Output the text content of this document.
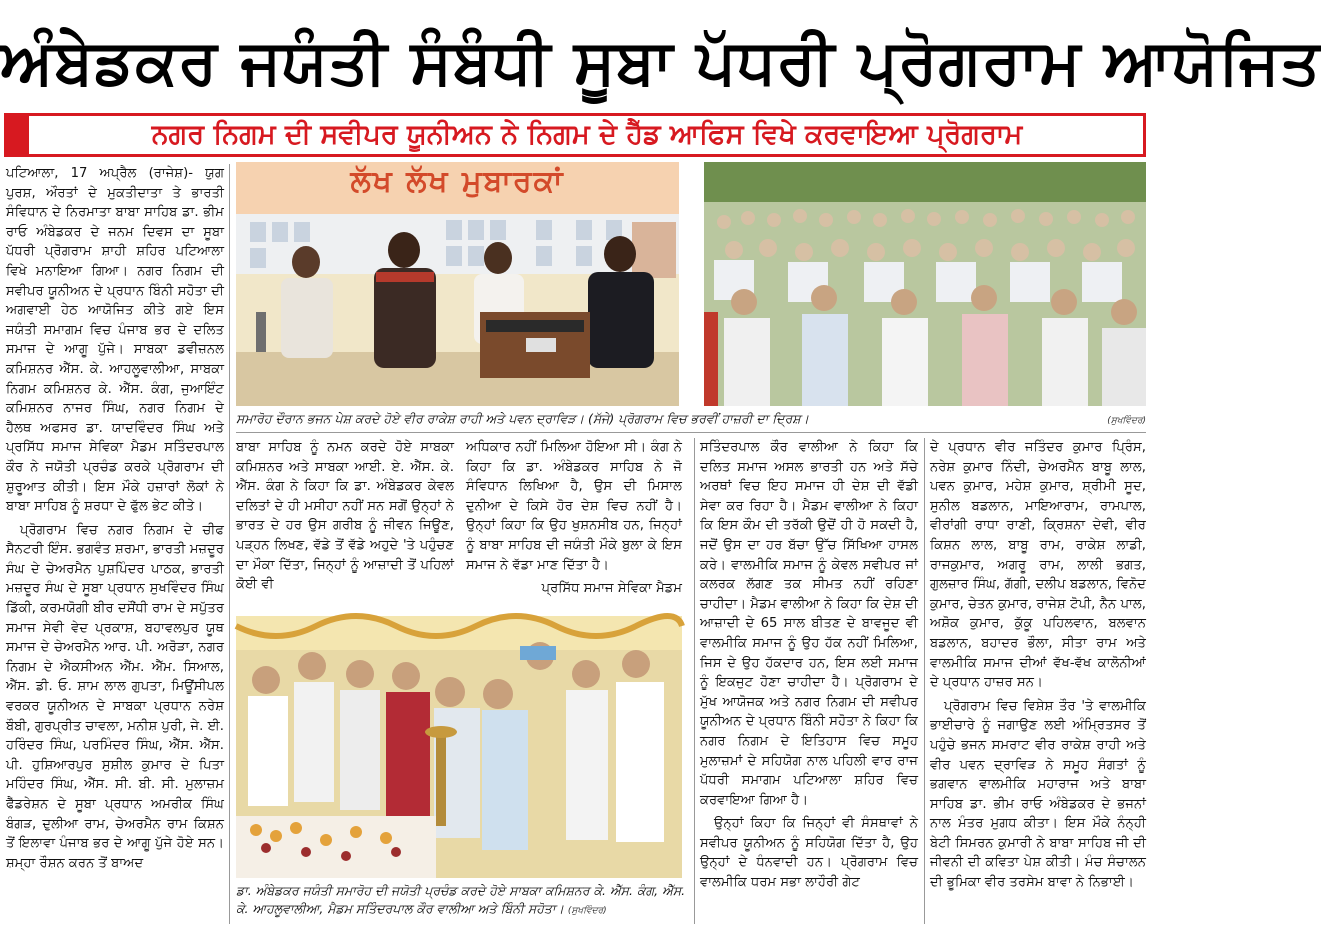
ਅੰਬੇਡਕਰ ਜਯੰਤੀ ਸੰਬੰਧੀ ਸੂਬਾ ਪੱਧਰੀ ਪ੍ਰੋਗਰਾਮ ਆਯੋਜਿਤ
ਨਗਰ ਨਿਗਮ ਦੀ ਸਵੀਪਰ ਯੂਨੀਅਨ ਨੇ ਨਿਗਮ ਦੇ ਹੈੱਡ ਆਫਿਸ ਵਿਖੇ ਕਰਵਾਇਆ ਪ੍ਰੋਗਰਾਮ

ਪਟਿਆਲਾ, 17 ਅਪ੍ਰੈਲ (ਰਾਜੇਸ਼)- ਯੁਗ ਪੁਰਸ਼, ਔਰਤਾਂ ਦੇ ਮੁਕਤੀਦਾਤਾ ਤੇ ਭਾਰਤੀ ਸੰਵਿਧਾਨ ਦੇ ਨਿਰਮਾਤਾ ਬਾਬਾ ਸਾਹਿਬ ਡਾ. ਭੀਮ ਰਾਓ ਅੰਬੇਡਕਰ ਦੇ ਜਨਮ ਦਿਵਸ ਦਾ ਸੂਬਾ ਪੱਧਰੀ ਪ੍ਰੋਗਰਾਮ ਸ਼ਾਹੀ ਸ਼ਹਿਰ ਪਟਿਆਲਾ ਵਿਖੇ ਮਨਾਇਆ ਗਿਆ। ਨਗਰ ਨਿਗਮ ਦੀ ਸਵੀਪਰ ਯੂਨੀਅਨ ਦੇ ਪ੍ਰਧਾਨ ਬਿੰਨੀ ਸਹੋਤਾ ਦੀ ਅਗਵਾਈ ਹੇਠ ਆਯੋਜਿਤ ਕੀਤੇ ਗਏ ਇਸ ਜਯੰਤੀ ਸਮਾਗਮ ਵਿਚ ਪੰਜਾਬ ਭਰ ਦੇ ਦਲਿਤ ਸਮਾਜ ਦੇ ਆਗੂ ਪੁੱਜੇ। ਸਾਬਕਾ ਡਵੀਜ਼ਨਲ ਕਮਿਸ਼ਨਰ ਐੱਸ. ਕੇ. ਆਹਲੂਵਾਲੀਆ, ਸਾਬਕਾ ਨਿਗਮ ਕਮਿਸ਼ਨਰ ਕੇ. ਐੱਸ. ਕੰਗ, ਜੁਆਇੰਟ ਕਮਿਸ਼ਨਰ ਨਾਜਰ ਸਿੰਘ, ਨਗਰ ਨਿਗਮ ਦੇ ਹੈਲਥ ਅਫਸਰ ਡਾ. ਯਾਦਵਿੰਦਰ ਸਿੰਘ ਅਤੇ ਪ੍ਰਸਿੱਧ ਸਮਾਜ ਸੇਵਿਕਾ ਮੈਡਮ ਸਤਿੰਦਰਪਾਲ ਕੌਰ ਨੇ ਜਯੋਤੀ ਪ੍ਰਚੰਡ ਕਰਕੇ ਪ੍ਰੋਗਰਾਮ ਦੀ ਸ਼ੁਰੂਆਤ ਕੀਤੀ। ਇਸ ਮੌਕੇ ਹਜ਼ਾਰਾਂ ਲੋਕਾਂ ਨੇ ਬਾਬਾ ਸਾਹਿਬ ਨੂੰ ਸ਼ਰਧਾ ਦੇ ਫੁੱਲ ਭੇਟ ਕੀਤੇ।

ਪ੍ਰੋਗਰਾਮ ਵਿਚ ਨਗਰ ਨਿਗਮ ਦੇ ਚੀਫ ਸੈਨਟਰੀ ਇੰਸ. ਭਗਵੰਤ ਸ਼ਰਮਾ, ਭਾਰਤੀ ਮਜ਼ਦੂਰ ਸੰਘ ਦੇ ਚੇਅਰਮੈਨ ਪੁਸ਼ਪਿੰਦਰ ਪਾਠਕ, ਭਾਰਤੀ ਮਜ਼ਦੂਰ ਸੰਘ ਦੇ ਸੂਬਾ ਪ੍ਰਧਾਨ ਸੁਖਵਿੰਦਰ ਸਿੰਘ ਡਿੱਕੀ, ਕਰਮਯੋਗੀ ਬੀਰ ਦਸੌਂਧੀ ਰਾਮ ਦੇ ਸਪੁੱਤਰ ਸਮਾਜ ਸੇਵੀ ਵੇਦ ਪ੍ਰਕਾਸ਼, ਬਹਾਵਲਪੁਰ ਯੂਥ ਸਮਾਜ ਦੇ ਚੇਅਰਮੈਨ ਆਰ. ਪੀ. ਅਰੋੜਾ, ਨਗਰ ਨਿਗਮ ਦੇ ਐਕਸੀਅਨ ਐੱਮ. ਐੱਮ. ਸਿਆਲ, ਐੱਸ. ਡੀ. ਓ. ਸ਼ਾਮ ਲਾਲ ਗੁਪਤਾ, ਮਿਊਂਸੀਪਲ ਵਰਕਰ ਯੂਨੀਅਨ ਦੇ ਸਾਬਕਾ ਪ੍ਰਧਾਨ ਨਰੇਸ਼ ਬੌਬੀ, ਗੁਰਪ੍ਰੀਤ ਚਾਵਲਾ, ਮਨੀਸ਼ ਪੁਰੀ, ਜੇ. ਈ. ਹਰਿੰਦਰ ਸਿੰਘ, ਪਰਮਿੰਦਰ ਸਿੰਘ, ਐੱਸ. ਐੱਸ. ਪੀ. ਹੁਸ਼ਿਆਰਪੁਰ ਸੁਸ਼ੀਲ ਕੁਮਾਰ ਦੇ ਪਿਤਾ ਮਹਿੰਦਰ ਸਿੰਘ, ਐੱਸ. ਸੀ. ਬੀ. ਸੀ. ਮੁਲਾਜ਼ਮ ਫੈੱਡਰੇਸ਼ਨ ਦੇ ਸੂਬਾ ਪ੍ਰਧਾਨ ਅਮਰੀਕ ਸਿੰਘ ਬੰਗੜ, ਦੁਲੀਆ ਰਾਮ, ਚੇਅਰਮੈਨ ਰਾਮ ਕਿਸ਼ਨ ਤੋਂ ਇਲਾਵਾ ਪੰਜਾਬ ਭਰ ਦੇ ਆਗੂ ਪੁੱਜੇ ਹੋਏ ਸਨ। ਸ਼ਮ੍ਹਾ ਰੌਸ਼ਨ ਕਰਨ ਤੋਂ ਬਾਅਦ

ਲੱਖ ਲੱਖ ਮੁਬਾਰਕਾਂ
ਸਮਾਰੋਹ ਦੌਰਾਨ ਭਜਨ ਪੇਸ਼ ਕਰਦੇ ਹੋਏ ਵੀਰ ਰਾਕੇਸ਼ ਰਾਹੀ ਅਤੇ ਪਵਨ ਦ੍ਰਾਵਿੜ। (ਸੱਜੇ) ਪ੍ਰੋਗਰਾਮ ਵਿਚ ਭਰਵੀਂ ਹਾਜ਼ਰੀ ਦਾ ਦ੍ਰਿਸ਼।	(ਸੁਖਵਿੰਦਰ)

ਬਾਬਾ ਸਾਹਿਬ ਨੂੰ ਨਮਨ ਕਰਦੇ ਹੋਏ ਸਾਬਕਾ ਕਮਿਸ਼ਨਰ ਅਤੇ ਸਾਬਕਾ ਆਈ. ਏ. ਐੱਸ. ਕੇ. ਐੱਸ. ਕੰਗ ਨੇ ਕਿਹਾ ਕਿ ਡਾ. ਅੰਬੇਡਕਰ ਕੇਵਲ ਦਲਿਤਾਂ ਦੇ ਹੀ ਮਸੀਹਾ ਨਹੀਂ ਸਨ ਸਗੋਂ ਉਨ੍ਹਾਂ ਨੇ ਭਾਰਤ ਦੇ ਹਰ ਉਸ ਗਰੀਬ ਨੂੰ ਜੀਵਨ ਜਿਊਣ, ਪੜ੍ਹਨ ਲਿਖਣ, ਵੱਡੇ ਤੋਂ ਵੱਡੇ ਅਹੁਦੇ 'ਤੇ ਪਹੁੰਚਣ ਦਾ ਮੌਕਾ ਦਿੱਤਾ, ਜਿਨ੍ਹਾਂ ਨੂੰ ਆਜ਼ਾਦੀ ਤੋਂ ਪਹਿਲਾਂ ਕੋਈ ਵੀ

ਅਧਿਕਾਰ ਨਹੀਂ ਮਿਲਿਆ ਹੋਇਆ ਸੀ। ਕੰਗ ਨੇ ਕਿਹਾ ਕਿ ਡਾ. ਅੰਬੇਡਕਰ ਸਾਹਿਬ ਨੇ ਜੋ ਸੰਵਿਧਾਨ ਲਿਖਿਆ ਹੈ, ਉਸ ਦੀ ਮਿਸਾਲ ਦੁਨੀਆ ਦੇ ਕਿਸੇ ਹੋਰ ਦੇਸ਼ ਵਿਚ ਨਹੀਂ ਹੈ। ਉਨ੍ਹਾਂ ਕਿਹਾ ਕਿ ਉਹ ਖੁਸ਼ਨਸੀਬ ਹਨ, ਜਿਨ੍ਹਾਂ ਨੂੰ ਬਾਬਾ ਸਾਹਿਬ ਦੀ ਜਯੰਤੀ ਮੌਕੇ ਬੁਲਾ ਕੇ ਇਸ ਸਮਾਜ ਨੇ ਵੱਡਾ ਮਾਣ ਦਿੱਤਾ ਹੈ।

ਪ੍ਰਸਿੱਧ ਸਮਾਜ ਸੇਵਿਕਾ ਮੈਡਮ

ਡਾ. ਅੰਬੇਡਕਰ ਜਯੰਤੀ ਸਮਾਰੋਹ ਦੀ ਜਯੋਤੀ ਪ੍ਰਚੰਡ ਕਰਦੇ ਹੋਏ ਸਾਬਕਾ ਕਮਿਸ਼ਨਰ ਕੇ. ਐੱਸ. ਕੰਗ, ਐੱਸ. ਕੇ. ਆਹਲੂਵਾਲੀਆ, ਮੈਡਮ ਸਤਿੰਦਰਪਾਲ ਕੌਰ ਵਾਲੀਆ ਅਤੇ ਬਿੰਨੀ ਸਹੋਤਾ। (ਸੁਖਵਿੰਦਰ)

ਸਤਿੰਦਰਪਾਲ ਕੌਰ ਵਾਲੀਆ ਨੇ ਕਿਹਾ ਕਿ ਦਲਿਤ ਸਮਾਜ ਅਸਲ ਭਾਰਤੀ ਹਨ ਅਤੇ ਸੱਚੇ ਅਰਥਾਂ ਵਿਚ ਇਹ ਸਮਾਜ ਹੀ ਦੇਸ਼ ਦੀ ਵੱਡੀ ਸੇਵਾ ਕਰ ਰਿਹਾ ਹੈ। ਮੈਡਮ ਵਾਲੀਆ ਨੇ ਕਿਹਾ ਕਿ ਇਸ ਕੌਮ ਦੀ ਤਰੱਕੀ ਉਦੋਂ ਹੀ ਹੋ ਸਕਦੀ ਹੈ, ਜਦੋਂ ਉਸ ਦਾ ਹਰ ਬੱਚਾ ਉੱਚ ਸਿੱਖਿਆ ਹਾਸਲ ਕਰੇ। ਵਾਲਮੀਕਿ ਸਮਾਜ ਨੂੰ ਕੇਵਲ ਸਵੀਪਰ ਜਾਂ ਕਲਰਕ ਲੱਗਣ ਤਕ ਸੀਮਤ ਨਹੀਂ ਰਹਿਣਾ ਚਾਹੀਦਾ। ਮੈਡਮ ਵਾਲੀਆ ਨੇ ਕਿਹਾ ਕਿ ਦੇਸ਼ ਦੀ ਆਜ਼ਾਦੀ ਦੇ 65 ਸਾਲ ਬੀਤਣ ਦੇ ਬਾਵਜੂਦ ਵੀ ਵਾਲਮੀਕਿ ਸਮਾਜ ਨੂੰ ਉਹ ਹੱਕ ਨਹੀਂ ਮਿਲਿਆ, ਜਿਸ ਦੇ ਉਹ ਹੱਕਦਾਰ ਹਨ, ਇਸ ਲਈ ਸਮਾਜ ਨੂੰ ਇਕਜੁਟ ਹੋਣਾ ਚਾਹੀਦਾ ਹੈ। ਪ੍ਰੋਗਰਾਮ ਦੇ ਮੁੱਖ ਆਯੋਜਕ ਅਤੇ ਨਗਰ ਨਿਗਮ ਦੀ ਸਵੀਪਰ ਯੂਨੀਅਨ ਦੇ ਪ੍ਰਧਾਨ ਬਿੰਨੀ ਸਹੋਤਾ ਨੇ ਕਿਹਾ ਕਿ ਨਗਰ ਨਿਗਮ ਦੇ ਇਤਿਹਾਸ ਵਿਚ ਸਮੂਹ ਮੁਲਾਜ਼ਮਾਂ ਦੇ ਸਹਿਯੋਗ ਨਾਲ ਪਹਿਲੀ ਵਾਰ ਰਾਜ ਪੱਧਰੀ ਸਮਾਗਮ ਪਟਿਆਲਾ ਸ਼ਹਿਰ ਵਿਚ ਕਰਵਾਇਆ ਗਿਆ ਹੈ।

ਉਨ੍ਹਾਂ ਕਿਹਾ ਕਿ ਜਿਨ੍ਹਾਂ ਵੀ ਸੰਸਥਾਵਾਂ ਨੇ ਸਵੀਪਰ ਯੂਨੀਅਨ ਨੂੰ ਸਹਿਯੋਗ ਦਿੱਤਾ ਹੈ, ਉਹ ਉਨ੍ਹਾਂ ਦੇ ਧੰਨਵਾਦੀ ਹਨ। ਪ੍ਰੋਗਰਾਮ ਵਿਚ ਵਾਲਮੀਕਿ ਧਰਮ ਸਭਾ ਲਾਹੌਰੀ ਗੇਟ

ਦੇ ਪ੍ਰਧਾਨ ਵੀਰ ਜਤਿੰਦਰ ਕੁਮਾਰ ਪ੍ਰਿੰਸ, ਨਰੇਸ਼ ਕੁਮਾਰ ਨਿੰਦੀ, ਚੇਅਰਮੈਨ ਬਾਬੂ ਲਾਲ, ਪਵਨ ਕੁਮਾਰ, ਮਹੇਸ਼ ਕੁਮਾਰ, ਸ਼੍ਰੀਮੀ ਸੂਦ, ਸੁਨੀਲ ਬਡਲਾਨ, ਮਾਇਆਰਾਮ, ਰਾਮਪਾਲ, ਵੀਰਾਂਗੀ ਰਾਧਾ ਰਾਣੀ, ਕ੍ਰਿਸ਼ਨਾ ਦੇਵੀ, ਵੀਰ ਕਿਸ਼ਨ ਲਾਲ, ਬਾਬੂ ਰਾਮ, ਰਾਕੇਸ਼ ਲਾਡੀ, ਰਾਜਕੁਮਾਰ, ਅਗਰੂ ਰਾਮ, ਲਾਲੀ ਭਗਤ, ਗੁਲਜ਼ਾਰ ਸਿੰਘ, ਗੱਗੀ, ਦਲੀਪ ਬਡਲਾਨ, ਵਿਨੋਦ ਕੁਮਾਰ, ਚੇਤਨ ਕੁਮਾਰ, ਰਾਜੇਸ਼ ਟੋਪੀ, ਨੈਨ ਪਾਲ, ਅਸ਼ੋਕ ਕੁਮਾਰ, ਕੁੱਕੂ ਪਹਿਲਵਾਨ, ਬਲਵਾਨ ਬਡਲਾਨ, ਬਹਾਦਰ ਭੌਲਾ, ਸੀਤਾ ਰਾਮ ਅਤੇ ਵਾਲਮੀਕਿ ਸਮਾਜ ਦੀਆਂ ਵੱਖ-ਵੱਖ ਕਾਲੋਨੀਆਂ ਦੇ ਪ੍ਰਧਾਨ ਹਾਜ਼ਰ ਸਨ।

ਪ੍ਰੋਗਰਾਮ ਵਿਚ ਵਿਸ਼ੇਸ਼ ਤੌਰ 'ਤੇ ਵਾਲਮੀਕਿ ਭਾਈਚਾਰੇ ਨੂੰ ਜਗਾਉਣ ਲਈ ਅੰਮ੍ਰਿਤਸਰ ਤੋਂ ਪਹੁੰਚੇ ਭਜਨ ਸਮਰਾਟ ਵੀਰ ਰਾਕੇਸ਼ ਰਾਹੀ ਅਤੇ ਵੀਰ ਪਵਨ ਦ੍ਰਾਵਿੜ ਨੇ ਸਮੂਹ ਸੰਗਤਾਂ ਨੂੰ ਭਗਵਾਨ ਵਾਲਮੀਕਿ ਮਹਾਰਾਜ ਅਤੇ ਬਾਬਾ ਸਾਹਿਬ ਡਾ. ਭੀਮ ਰਾਓ ਅੰਬੇਡਕਰ ਦੇ ਭਜਨਾਂ ਨਾਲ ਮੰਤਰ ਮੁਗਧ ਕੀਤਾ। ਇਸ ਮੌਕੇ ਨੰਨ੍ਹੀ ਬੇਟੀ ਸਿਮਰਨ ਕੁਮਾਰੀ ਨੇ ਬਾਬਾ ਸਾਹਿਬ ਜੀ ਦੀ ਜੀਵਨੀ ਦੀ ਕਵਿਤਾ ਪੇਸ਼ ਕੀਤੀ। ਮੰਚ ਸੰਚਾਲਨ ਦੀ ਭੂਮਿਕਾ ਵੀਰ ਤਰਸੇਮ ਬਾਵਾ ਨੇ ਨਿਭਾਈ।
